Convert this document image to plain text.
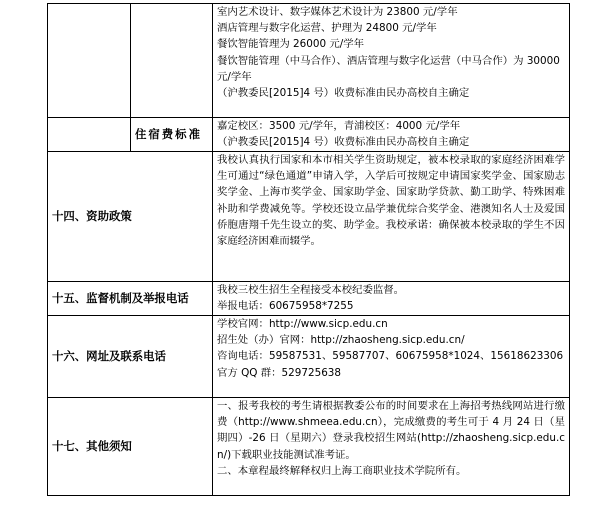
		室内艺术设计、数字媒体艺术设计为 23800 元/学年

酒店管理与数字化运营、护理为 24800 元/学年

餐饮智能管理为 26000 元/学年

餐饮智能管理（中马合作）、酒店管理与数字化运营（中马合作）为 30000 元/学年

（沪教委民[2015]4 号）收费标准由民办高校自主确定

	住宿费标准	嘉定校区：3500 元/学年，青浦校区：4000 元/学年

（沪教委民[2015]4 号）收费标准由民办高校自主确定

十四、资助政策		我校认真执行国家和本市相关学生资助规定，被本校录取的家庭经济困难学生可通过“绿色通道”申请入学，入学后可按规定申请国家奖学金、国家励志奖学金、上海市奖学金、国家助学金、国家助学贷款、勤工助学、特殊困难补助和学费减免等。学校还设立品学兼优综合奖学金、港澳知名人士及爱国侨胞唐翔千先生设立的奖、助学金。我校承诺：确保被本校录取的学生不因家庭经济困难而辍学。

十五、监督机制及举报电话		我校三校生招生全程接受本校纪委监督。

举报电话：60675958*7255

十六、网址及联系电话		学校官网：http://www.sicp.edu.cn

招生处（办）官网：http://zhaosheng.sicp.edu.cn/

咨询电话：59587531、59587707、60675958*1024、15618623306

官方 QQ 群：529725638

十七、其他须知		一、报考我校的考生请根据教委公布的时间要求在上海招考热线网站进行缴费（http://www.shmeea.edu.cn），完成缴费的考生可于 4 月 24 日（星期四）-26 日（星期六）登录我校招生网站(http://zhaosheng.sicp.edu.cn/)下载职业技能测试准考证。

二、本章程最终解释权归上海工商职业技术学院所有。
